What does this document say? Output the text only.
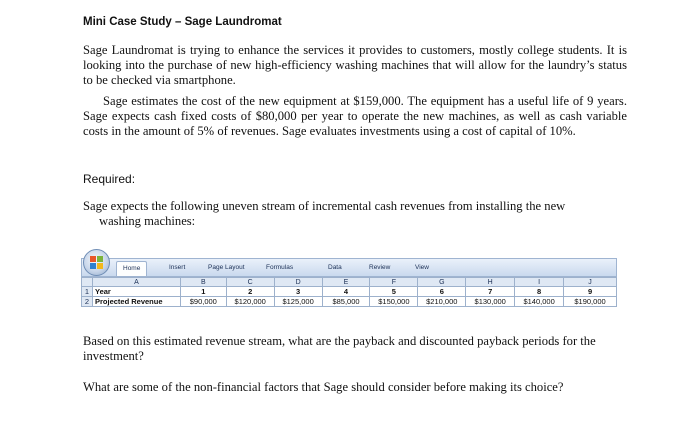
Mini Case Study – Sage Laundromat

Sage Laundromat is trying to enhance the services it provides to customers, mostly college students. It is looking into the purchase of new high-efficiency washing machines that will allow for the laundry’s status to be checked via smartphone.

Sage estimates the cost of the new equipment at $159,000. The equipment has a useful life of 9 years. Sage expects cash fixed costs of $80,000 per year to operate the new machines, as well as cash variable costs in the amount of 5% of revenues. Sage evaluates investments using a cost of capital of 10%.

Required:

Sage expects the following uneven stream of incremental cash revenues from installing the new
washing machines:

Home	Insert	Page Layout	Formulas	Data	Review	View
	A	B	C	D	E	F	G	H	I	J
1	Year	1	2	3	4	5	6	7	8	9
2	Projected Revenue	$90,000	$120,000	$125,000	$85,000	$150,000	$210,000	$130,000	$140,000	$190,000

Based on this estimated revenue stream, what are the payback and discounted payback periods for the investment?

What are some of the non-financial factors that Sage should consider before making its choice?
